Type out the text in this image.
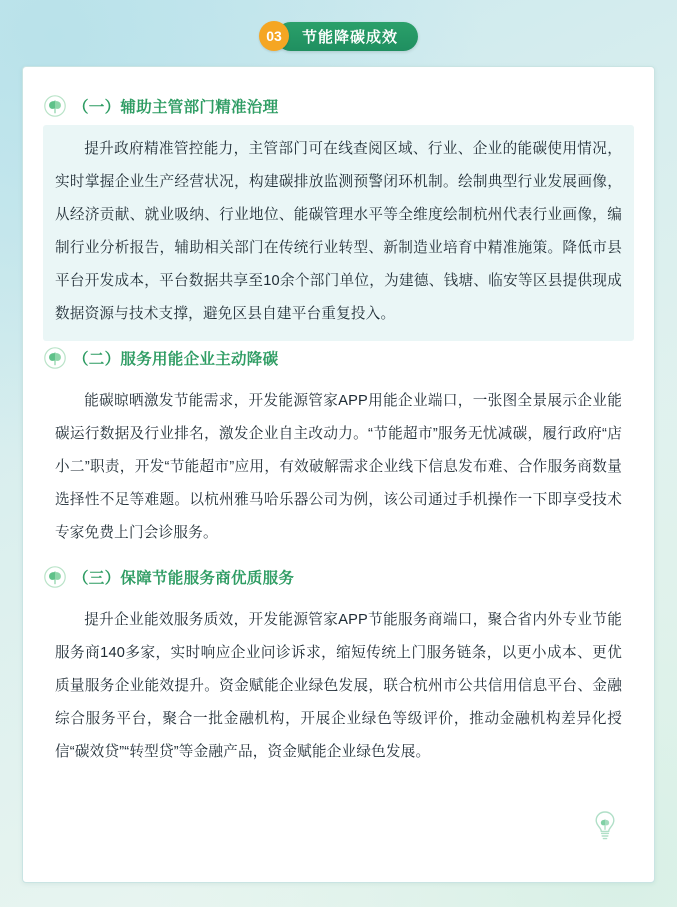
03	节能降碳成效
（一）辅助主管部门精准治理

提升政府精准管控能力，主管部门可在线查阅区域、行业、企业的能碳使用情况，实时掌握企业生产经营状况，构建碳排放监测预警闭环机制。绘制典型行业发展画像，从经济贡献、就业吸纳、行业地位、能碳管理水平等全维度绘制杭州代表行业画像，编制行业分析报告，辅助相关部门在传统行业转型、新制造业培育中精准施策。降低市县平台开发成本，平台数据共享至10余个部门单位，为建德、钱塘、临安等区县提供现成数据资源与技术支撑，避免区县自建平台重复投入。

（二）服务用能企业主动降碳

能碳晾晒激发节能需求，开发能源管家APP用能企业端口，一张图全景展示企业能碳运行数据及行业排名，激发企业自主改动力。“节能超市”服务无忧减碳，履行政府“店小二”职责，开发“节能超市”应用，有效破解需求企业线下信息发布难、合作服务商数量选择性不足等难题。以杭州雅马哈乐器公司为例，该公司通过手机操作一下即享受技术专家免费上门会诊服务。

（三）保障节能服务商优质服务

提升企业能效服务质效，开发能源管家APP节能服务商端口，聚合省内外专业节能服务商140多家，实时响应企业问诊诉求，缩短传统上门服务链条，以更小成本、更优质量服务企业能效提升。资金赋能企业绿色发展，联合杭州市公共信用信息平台、金融综合服务平台，聚合一批金融机构，开展企业绿色等级评价，推动金融机构差异化授信“碳效贷”“转型贷”等金融产品，资金赋能企业绿色发展。
